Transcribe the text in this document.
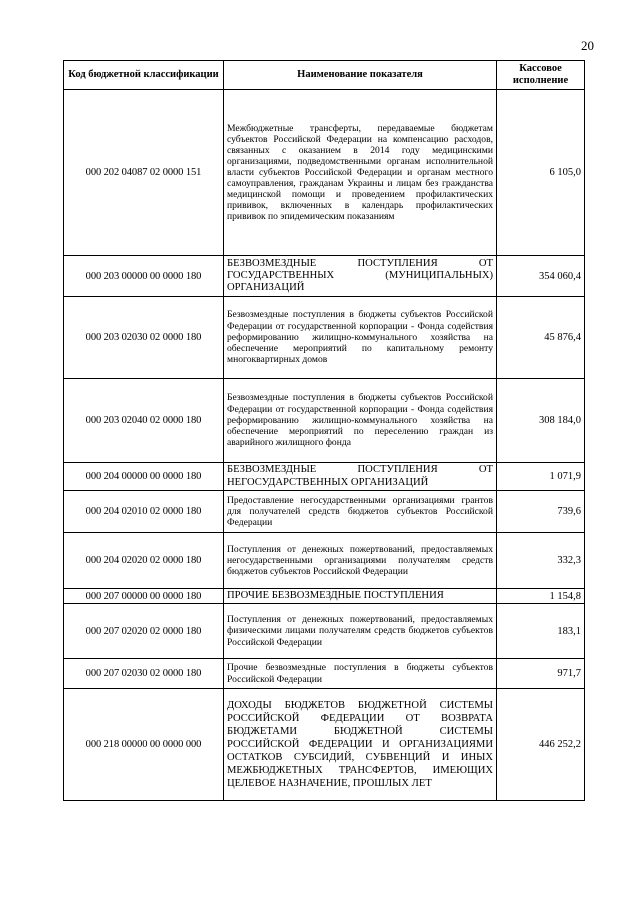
20
Код бюджетной классификации	Наименование показателя	Кассовое исполнение
000 202 04087 02 0000 151	Межбюджетные трансферты, передаваемые бюджетам субъектов Российской Федерации на компенсацию расходов, связанных с оказанием в 2014 году медицинскими организациями, подведомственными органам исполнительной власти субъектов Российской Федерации и органам местного самоуправления, гражданам Украины и лицам без гражданства медицинской помощи и проведением профилактических прививок, включенных в календарь профилактических прививок по эпидемическим показаниям	6 105,0
000 203 00000 00 0000 180	БЕЗВОЗМЕЗДНЫЕ ПОСТУПЛЕНИЯ ОТ ГОСУДАРСТВЕННЫХ (МУНИЦИПАЛЬНЫХ) ОРГАНИЗАЦИЙ	354 060,4
000 203 02030 02 0000 180	Безвозмездные поступления в бюджеты субъектов Российской Федерации от государственной корпорации - Фонда содействия реформированию жилищно-коммунального хозяйства на обеспечение мероприятий по капитальному ремонту многоквартирных домов	45 876,4
000 203 02040 02 0000 180	Безвозмездные поступления в бюджеты субъектов Российской Федерации от государственной корпорации - Фонда содействия реформированию жилищно-коммунального хозяйства на обеспечение мероприятий по переселению граждан из аварийного жилищного фонда	308 184,0
000 204 00000 00 0000 180	БЕЗВОЗМЕЗДНЫЕ ПОСТУПЛЕНИЯ ОТ НЕГОСУДАРСТВЕННЫХ ОРГАНИЗАЦИЙ	1 071,9
000 204 02010 02 0000 180	Предоставление негосударственными организациями грантов для получателей средств бюджетов субъектов Российской Федерации	739,6
000 204 02020 02 0000 180	Поступления от денежных пожертвований, предоставляемых негосударственными организациями получателям средств бюджетов субъектов Российской Федерации	332,3
000 207 00000 00 0000 180	ПРОЧИЕ БЕЗВОЗМЕЗДНЫЕ ПОСТУПЛЕНИЯ	1 154,8
000 207 02020 02 0000 180	Поступления от денежных пожертвований, предоставляемых физическими лицами получателям средств бюджетов субъектов Российской Федерации	183,1
000 207 02030 02 0000 180	Прочие безвозмездные поступления в бюджеты субъектов Российской Федерации	971,7
000 218 00000 00 0000 000	ДОХОДЫ БЮДЖЕТОВ БЮДЖЕТНОЙ СИСТЕМЫ РОССИЙСКОЙ ФЕДЕРАЦИИ ОТ ВОЗВРАТА БЮДЖЕТАМИ БЮДЖЕТНОЙ СИСТЕМЫ РОССИЙСКОЙ ФЕДЕРАЦИИ И ОРГАНИЗАЦИЯМИ ОСТАТКОВ СУБСИДИЙ, СУБВЕНЦИЙ И ИНЫХ МЕЖБЮДЖЕТНЫХ ТРАНСФЕРТОВ, ИМЕЮЩИХ ЦЕЛЕВОЕ НАЗНАЧЕНИЕ, ПРОШЛЫХ ЛЕТ	446 252,2
